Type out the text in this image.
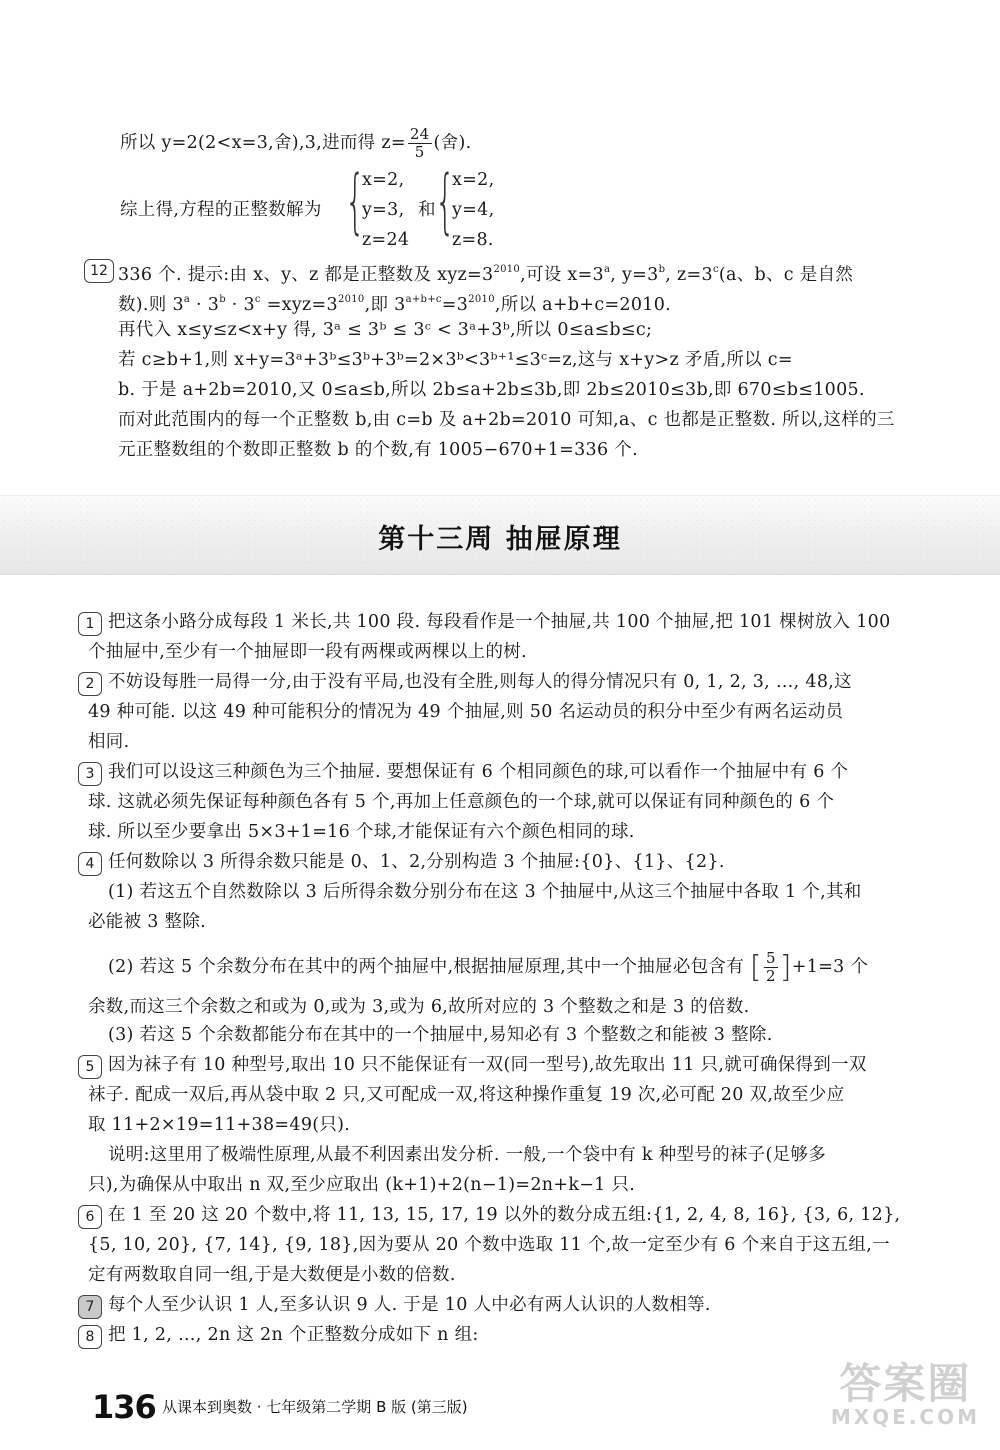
所以 y=2(2<x=3,舍),3,进而得 $z= \frac{24}{5}$ (舍).
综上得,方程的正整数解为 {
x=2,
y=3,
z=24
和 {
x=2,
y=4,
z=8.
12 336 个. 提示:由 x、y、z 都是正整数及 $xyz=3^{2010}$,可设 $x=3^a$, $y=3^b$, $z=3^c(a$、b、c 是自然
数).则 $3^a \cdot 3^b \cdot 3^c =xyz=3^{2010}$,即 $3^{a+b+c}=3^{2010}$,所以 a+b+c=2010.
再代入 x≤y≤z<x+y 得, 3ᵃ ≤ 3ᵇ ≤ 3ᶜ < 3ᵃ+3ᵇ,所以 0≤a≤b≤c;
若 c≥b+1,则 x+y=3ᵃ+3ᵇ≤3ᵇ+3ᵇ=2×3ᵇ<3ᵇ⁺¹≤3ᶜ=z,这与 x+y>z 矛盾,所以 c=
b. 于是 a+2b=2010,又 0≤a≤b,所以 2b≤a+2b≤3b,即 2b≤2010≤3b,即 670≤b≤1005.
而对此范围内的每一个正整数 b,由 c=b 及 a+2b=2010 可知,a、c 也都是正整数. 所以,这样的三
元正整数组的个数即正整数 b 的个数,有 1005−670+1=336 个.
第十三周 抽屉原理
1 把这条小路分成每段 1 米长,共 100 段. 每段看作是一个抽屉,共 100 个抽屉,把 101 棵树放入 100
个抽屉中,至少有一个抽屉即一段有两棵或两棵以上的树.
2 不妨设每胜一局得一分,由于没有平局,也没有全胜,则每人的得分情况只有 0, 1, 2, 3, …, 48,这
49 种可能. 以这 49 种可能积分的情况为 49 个抽屉,则 50 名运动员的积分中至少有两名运动员
相同.
3 我们可以设这三种颜色为三个抽屉. 要想保证有 6 个相同颜色的球,可以看作一个抽屉中有 6 个
球. 这就必须先保证每种颜色各有 5 个,再加上任意颜色的一个球,就可以保证有同种颜色的 6 个
球. 所以至少要拿出 5×3+1=16 个球,才能保证有六个颜色相同的球.
4 任何数除以 3 所得余数只能是 0、1、2,分别构造 3 个抽屉:{0}、{1}、{2}.
(1) 若这五个自然数除以 3 后所得余数分别分布在这 3 个抽屉中,从这三个抽屉中各取 1 个,其和
必能被 3 整除.
(2) 若这 5 个余数分布在其中的两个抽屉中,根据抽屉原理,其中一个抽屉必包含有 [ $\frac{5}{2} ]+1=3$ 个
余数,而这三个余数之和或为 0,或为 3,或为 6,故所对应的 3 个整数之和是 3 的倍数.
(3) 若这 5 个余数都能分布在其中的一个抽屉中,易知必有 3 个整数之和能被 3 整除.
5 因为袜子有 10 种型号,取出 10 只不能保证有一双(同一型号),故先取出 11 只,就可确保得到一双
袜子. 配成一双后,再从袋中取 2 只,又可配成一双,将这种操作重复 19 次,必可配 20 双,故至少应
取 11+2×19=11+38=49(只).
说明:这里用了极端性原理,从最不利因素出发分析. 一般,一个袋中有 k 种型号的袜子(足够多
只),为确保从中取出 n 双,至少应取出 (k+1)+2(n−1)=2n+k−1 只.
6 在 1 至 20 这 20 个数中,将 11, 13, 15, 17, 19 以外的数分成五组:{1, 2, 4, 8, 16}, {3, 6, 12},
{5, 10, 20}, {7, 14}, {9, 18},因为要从 20 个数中选取 11 个,故一定至少有 6 个来自于这五组,一
定有两数取自同一组,于是大数便是小数的倍数.
7 每个人至少认识 1 人,至多认识 9 人. 于是 10 人中必有两人认识的人数相等.
8 把 1, 2, …, 2n 这 2n 个正整数分成如下 n 组:
136 从课本到奥数 · 七年级第二学期 B 版 (第三版)	答案圈
MXQE.COM
